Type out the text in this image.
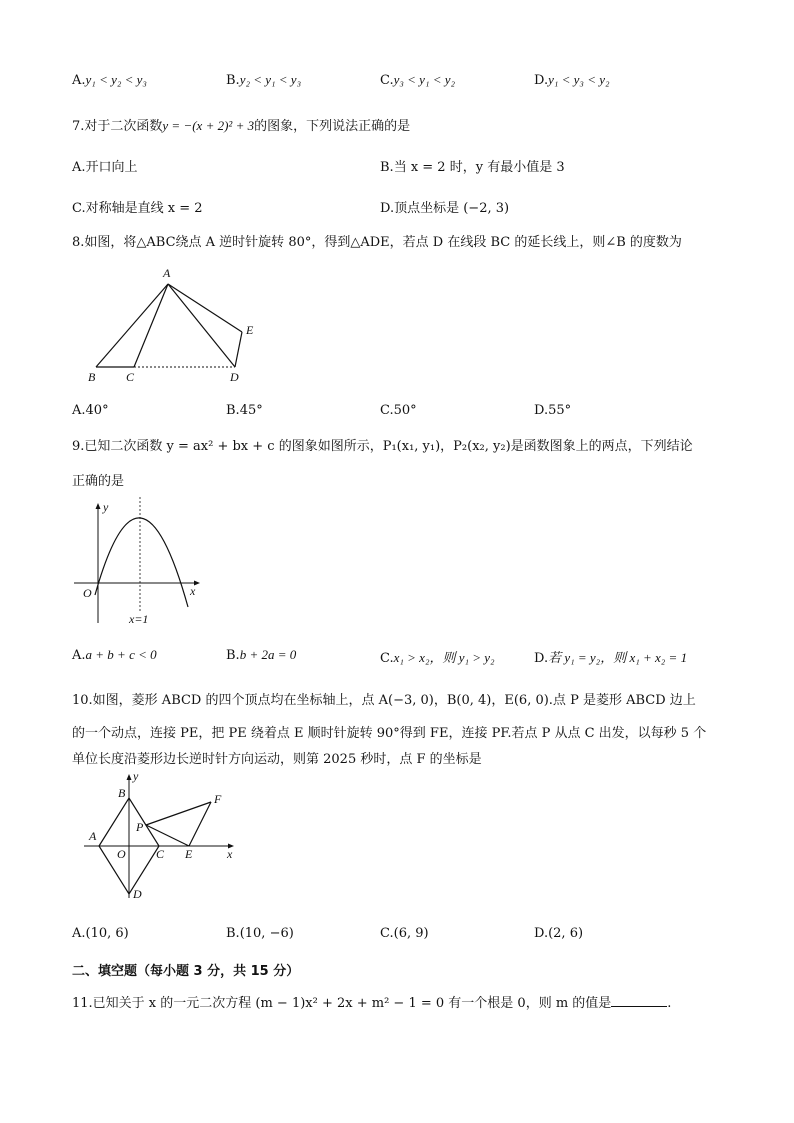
A.y₁ < y₂ < y₃	B.y₂ < y₁ < y₃	C.y₃ < y₁ < y₂	D.y₁ < y₃ < y₂
7.对于二次函数y = −(x + 2)² + 3的图象，下列说法正确的是
A.开口向上	B.当 x = 2 时，y 有最小值是 3
C.对称轴是直线 x = 2	D.顶点坐标是 (−2, 3)
8.如图，将△ABC绕点 A 逆时针旋转 80°，得到△ADE，若点 D 在线段 BC 的延长线上，则∠B 的度数为
A
B	C	D
E
A.40°	B.45°	C.50°	D.55°
9.已知二次函数 y = ax² + bx + c 的图象如图所示，P₁(x₁, y₁)，P₂(x₂, y₂)是函数图象上的两点，下列结论
正确的是
y
x
O
x=1
A.a + b + c < 0	B.b + 2a = 0	C.x₁ > x₂，则 y₁ > y₂	D.若 y₁ = y₂，则 x₁ + x₂ = 1
10.如图，菱形 ABCD 的四个顶点均在坐标轴上，点 A(−3, 0)，B(0, 4)，E(6, 0).点 P 是菱形 ABCD 边上
的一个动点，连接 PE，把 PE 绕着点 E 顺时针旋转 90°得到 FE，连接 PF.若点 P 从点 C 出发，以每秒 5 个
单位长度沿菱形边长逆时针方向运动，则第 2025 秒时，点 F 的坐标是
y
B	F
P
A
O	C E	x
D
A.(10, 6)	B.(10, −6)	C.(6, 9)	D.(2, 6)
二、填空题（每小题 3 分，共 15 分）
11.已知关于 x 的一元二次方程 (m − 1)x² + 2x + m² − 1 = 0 有一个根是 0，则 m 的值是	.
